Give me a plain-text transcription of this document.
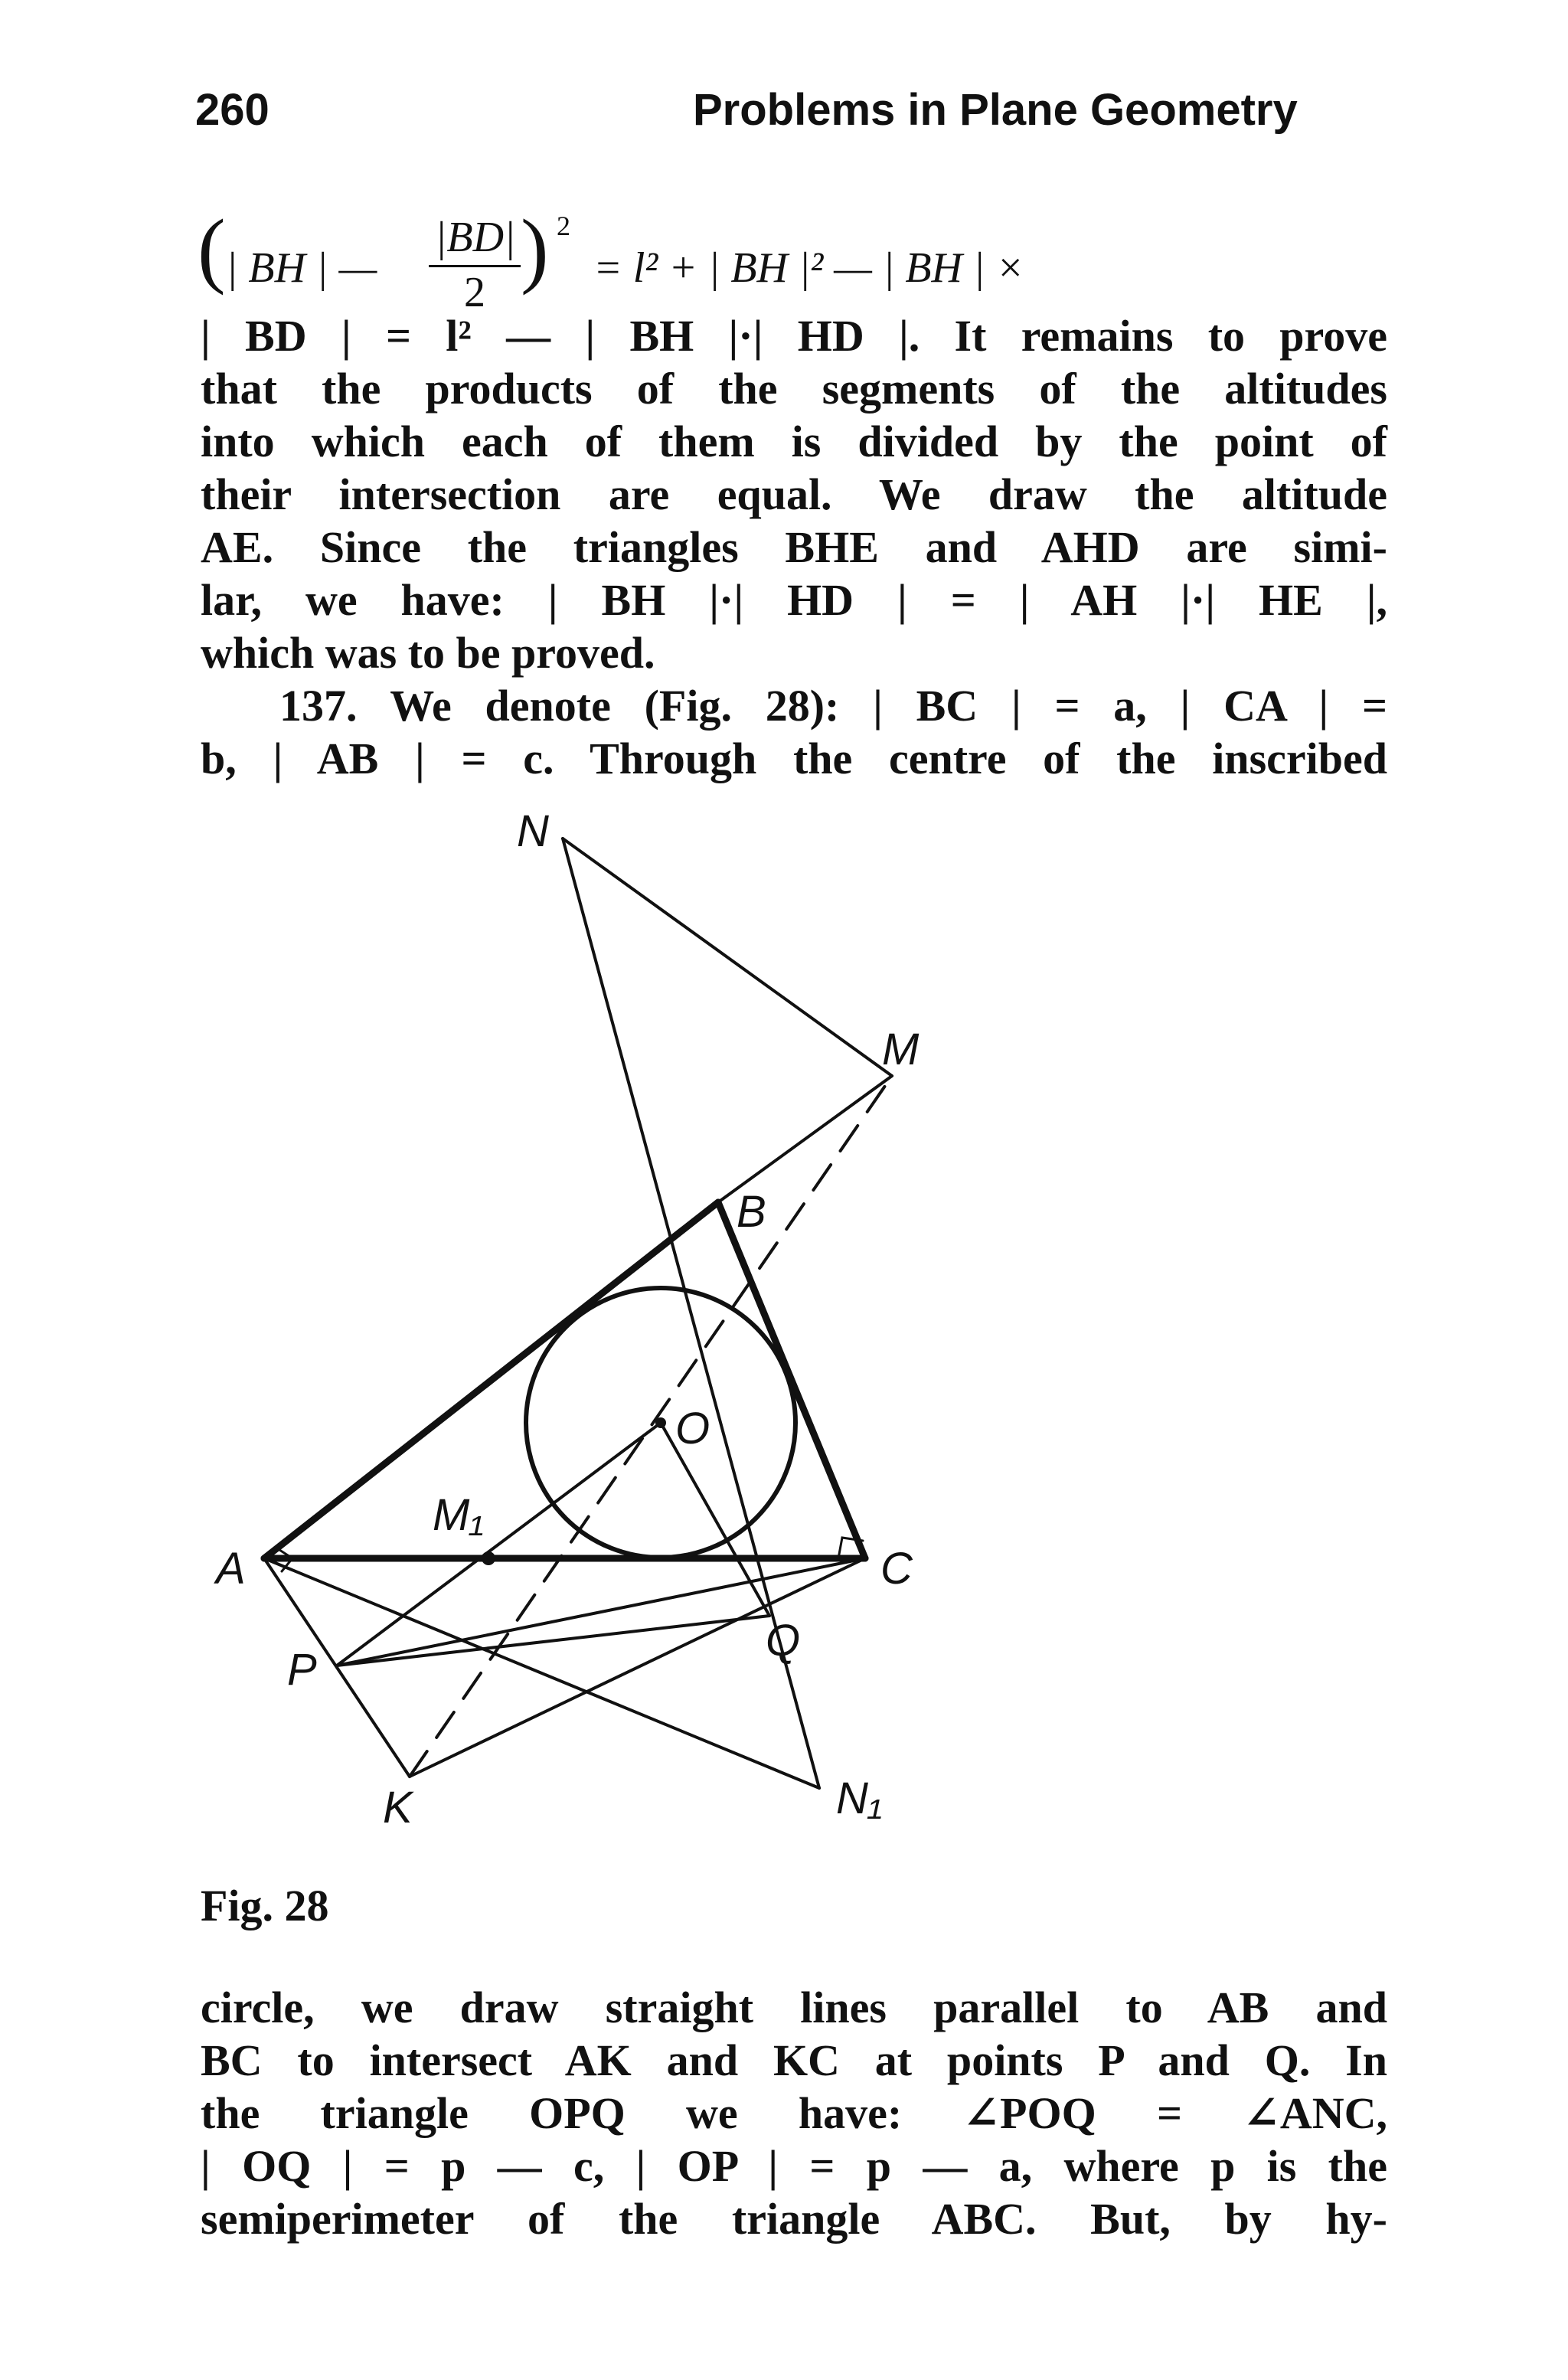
260	Problems in Plane Geometry
( | BH | —
|BD|
2 ) 2
= l² + | BH |² — | BH | ×
| BD | = l² — | BH |·| HD |. It remains to prove
that the products of the segments of the altitudes
into which each of them is divided by the point of
their intersection are equal. We draw the altitude
AE. Since the triangles BHE and AHD are simi-
lar, we have: | BH |·| HD | = | AH |·| HE |,
which was to be proved.
137. We denote (Fig. 28): | BC | = a, | CA | =
b, | AB | = c. Through the centre of the inscribed
N
M
B
O
A
M₁
C
Q
P
K	N₁
Fig. 28
circle, we draw straight lines parallel to AB and
BC to intersect AK and KC at points P and Q. In
the triangle OPQ we have: ∠POQ = ∠ANC,
| OQ | = p — c, | OP | = p — a, where p is the
semiperimeter of the triangle ABC. But, by hy-
